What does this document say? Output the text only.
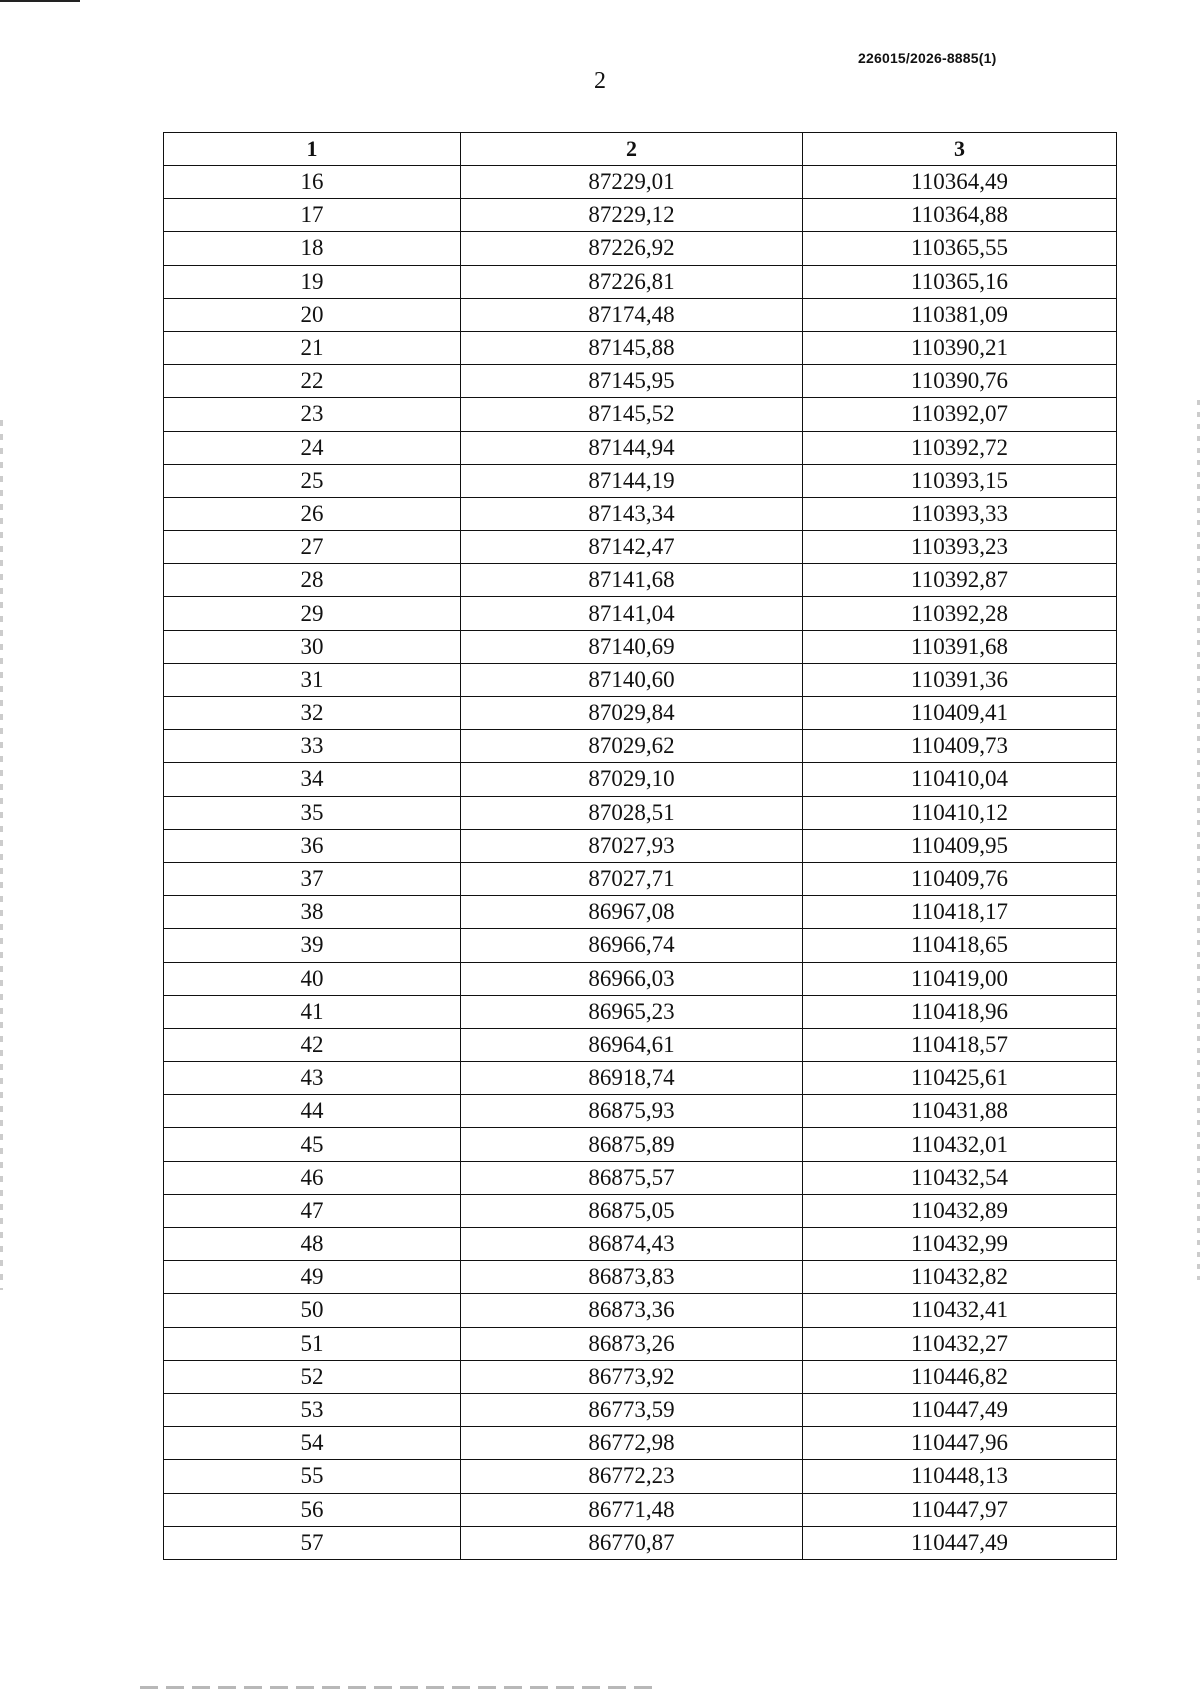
226015/2026-8885(1)
2
1	2	3
16	87229,01	110364,49
17	87229,12	110364,88
18	87226,92	110365,55
19	87226,81	110365,16
20	87174,48	110381,09
21	87145,88	110390,21
22	87145,95	110390,76
23	87145,52	110392,07
24	87144,94	110392,72
25	87144,19	110393,15
26	87143,34	110393,33
27	87142,47	110393,23
28	87141,68	110392,87
29	87141,04	110392,28
30	87140,69	110391,68
31	87140,60	110391,36
32	87029,84	110409,41
33	87029,62	110409,73
34	87029,10	110410,04
35	87028,51	110410,12
36	87027,93	110409,95
37	87027,71	110409,76
38	86967,08	110418,17
39	86966,74	110418,65
40	86966,03	110419,00
41	86965,23	110418,96
42	86964,61	110418,57
43	86918,74	110425,61
44	86875,93	110431,88
45	86875,89	110432,01
46	86875,57	110432,54
47	86875,05	110432,89
48	86874,43	110432,99
49	86873,83	110432,82
50	86873,36	110432,41
51	86873,26	110432,27
52	86773,92	110446,82
53	86773,59	110447,49
54	86772,98	110447,96
55	86772,23	110448,13
56	86771,48	110447,97
57	86770,87	110447,49
